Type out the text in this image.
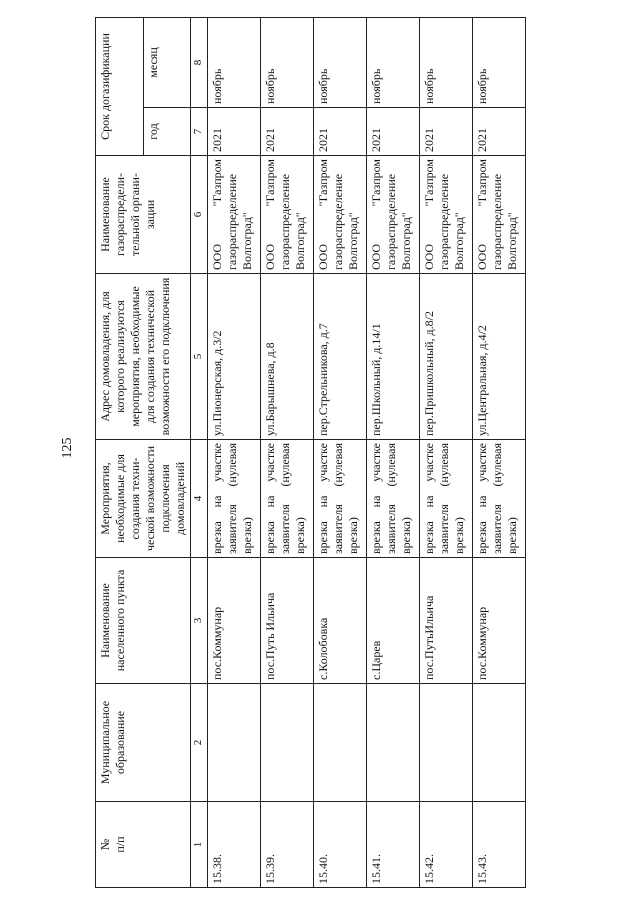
125
№
п/п	Муниципальное образование	Наименование населенного пункта	Мероприятия, необходимые для создания техни-ческой возможности подключения домовладений	Адрес домовладения, для которого реализуются мероприятия, необходимые для создания технической возможности его подключения	Наименование газораспредели-тельной органи-зации	Срок догазификации	
						год	месяц
1	2	3	4	5	6	7	8
15.38.		пос.Коммунар	врезка на участке заявителя (нулевая врезка)	ул.Пионерская, д.3/2	ООО "Газпром газораспределение Волгоград"	2021	ноябрь
15.39.		пос.Путь Ильича	врезка на участке заявителя (нулевая врезка)	ул.Барышнева, д.8	ООО "Газпром газораспределение Волгоград"	2021	ноябрь
15.40.		с.Колобовка	врезка на участке заявителя (нулевая врезка)	пер.Стрельникова, д.7	ООО "Газпром газораспределение Волгоград"	2021	ноябрь
15.41.		с.Царев	врезка на участке заявителя (нулевая врезка)	пер.Школьный, д.14/1	ООО "Газпром газораспределение Волгоград"	2021	ноябрь
15.42.		пос.ПутьИльича	врезка на участке заявителя (нулевая врезка)	пер.Пришкольный, д.8/2	ООО "Газпром газораспределение Волгоград"	2021	ноябрь
15.43.		пос.Коммунар	врезка на участке заявителя (нулевая врезка)	ул.Центральная, д.4/2	ООО "Газпром газораспределение Волгоград"	2021	ноябрь
